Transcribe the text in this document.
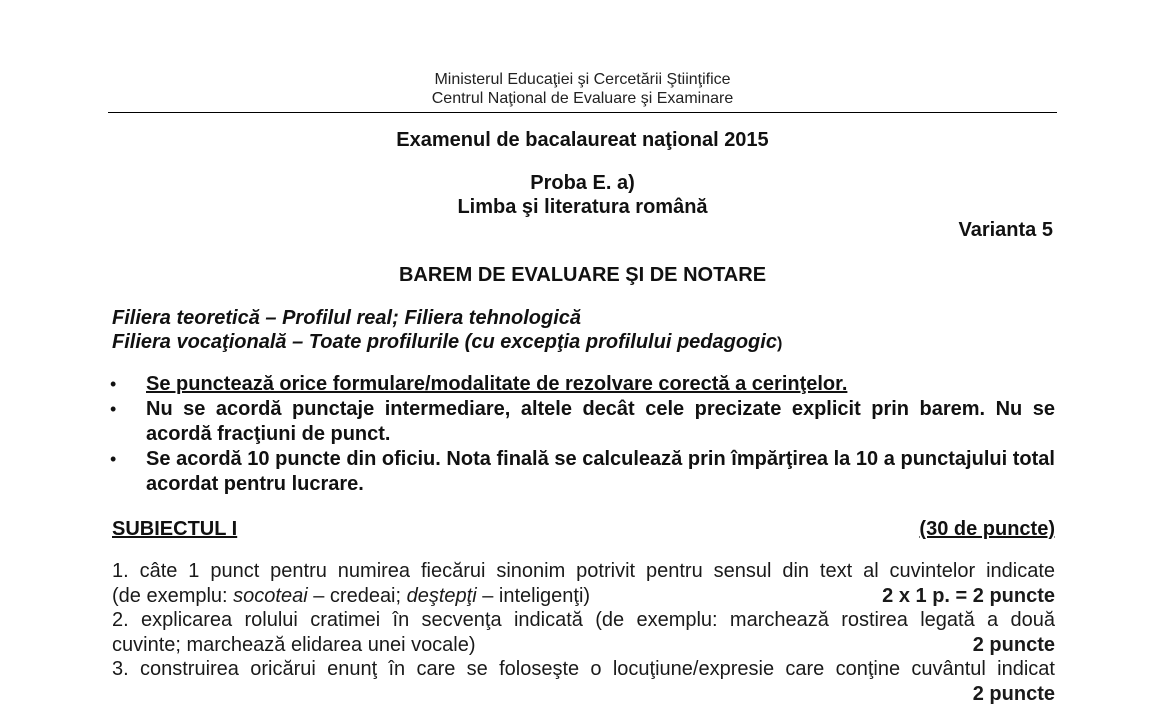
Ministerul Educaţiei şi Cercetării Ştiinţifice
Centrul Naţional de Evaluare şi Examinare
Examenul de bacalaureat naţional 2015
Proba E. a)
Limba şi literatura română
Varianta 5
BAREM DE EVALUARE ŞI DE NOTARE
Filiera teoretică – Profilul real; Filiera tehnologică
Filiera vocaţională – Toate profilurile (cu excepţia profilului pedagogic)
• Se punctează orice formulare/modalitate de rezolvare corectă a cerinţelor.
• Nu se acordă punctaje intermediare, altele decât cele precizate explicit prin barem. Nu se acordă fracţiuni de punct.
• Se acordă 10 puncte din oficiu. Nota finală se calculează prin împărţirea la 10 a punctajului total acordat pentru lucrare.
SUBIECTUL I	(30 de puncte)
1. câte 1 punct pentru numirea fiecărui sinonim potrivit pentru sensul din text al cuvintelor indicate
(de exemplu: socoteai – credeai; deştepţi – inteligenţi)	2 x 1 p. = 2 puncte
2. explicarea rolului cratimei în secvenţa indicată (de exemplu: marchează rostirea legată a două
cuvinte; marchează elidarea unei vocale)	2 puncte
3. construirea oricărui enunţ în care se foloseşte o locuţiune/expresie care conţine cuvântul indicat
2 puncte
